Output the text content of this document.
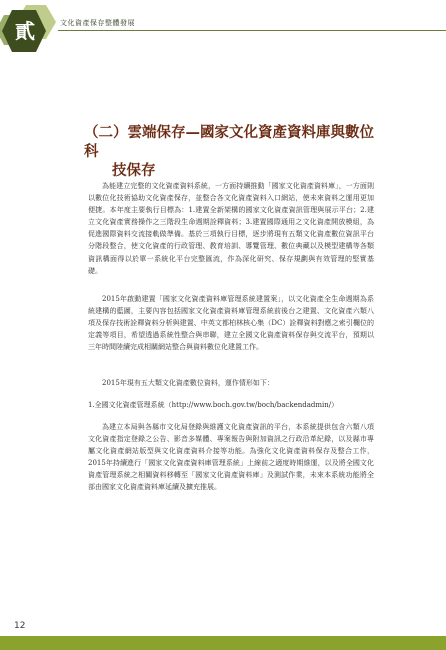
貳	文化資產保存整體發展
（二）雲端保存—國家文化資產資料庫與數位科
技保存

為能建立完整的文化資產資料系統，一方面持續推動「國家文化資產資料庫」，一方面則以數位化技術協助文化資產保存，並整合各文化資產資料入口網站，使未來資料之運用更加便捷。本年度主要執行目標為：1.建置全新架構的國家文化資產資訊管理與展示平台；2.建立文化資產實務操作之三階段生命週期詮釋資料；3.建置國際通用之文化資產開放模組，為促進國際資料交流接軌做準備。基於三項執行目標，逐步將現有五類文化資產數位資訊平台分階段整合，使文化資產的行政管理、教育培訓、導覽管理、數位典藏以及模型建構等各類資訊構面得以於單一系統化平台完整匯流，作為深化研究、保存規劃與有效管理的堅實基礎。

2015年啟動建置「國家文化資產資料庫管理系統建置案」，以文化資產全生命週期為系統建構的藍圖，主要內容包括國家文化資產資料庫管理系統前後台之建置、文化資產六類八項及保存技術詮釋資料分析與建置、中英文都柏林核心集（DC）詮釋資料對應之索引欄位的定義等項目，希望透過系統性整合與串聯，建立全國文化資產資料保存與交流平台，預期以三年時間陸續完成相關網站整合與資料數位化建置工作。

2015年現有五大類文化資產數位資料，運作情形如下：

1.全國文化資產管理系統（http://www.boch.gov.tw/boch/backendadmin/）

為建立本局與各縣市文化局登錄與維護文化資產資訊的平台，本系統提供包含六類八項文化資產指定登錄之公告、影音多媒體、專案報告與附加資訊之行政沿革紀錄，以及縣市專屬文化資產網站版型與文化資產資料介接等功能。為強化文化資產資料保存及整合工作，2015年持續進行「國家文化資產資料庫管理系統」上線前之適度時期維運，以及將全國文化資產管理系統之相關資料移轉至「國家文化資產資料庫」及測試作業，未來本系統功能將全部由國家文化資產資料庫延續及擴充推展。

12
